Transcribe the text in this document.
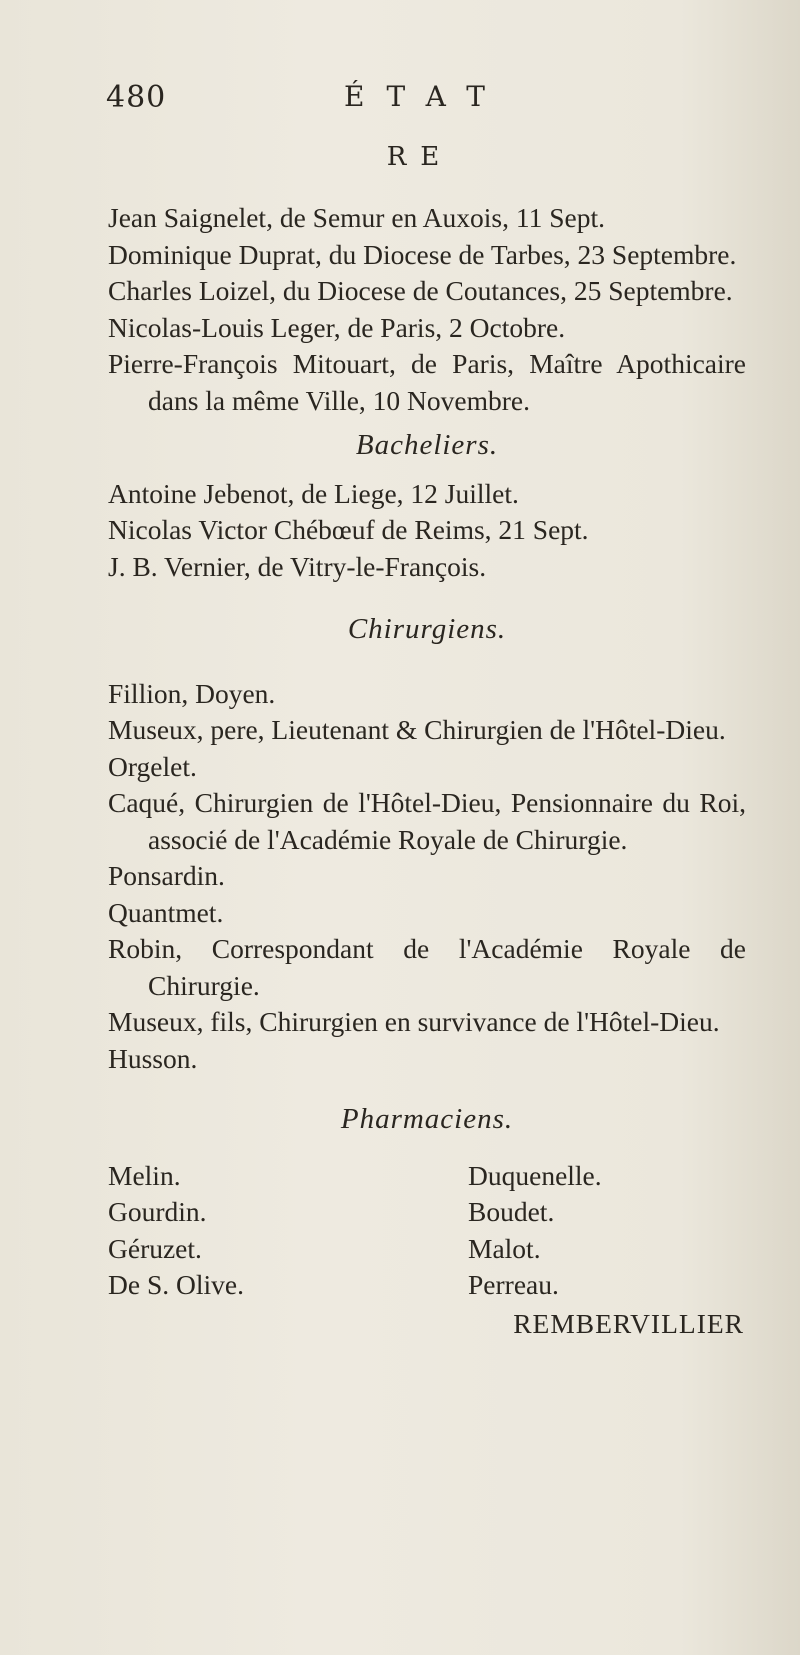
480	ÉTAT
RE

Jean Saignelet, de Semur en Auxois, 11 Sept.

Dominique Duprat, du Diocese de Tarbes, 23 Septembre.

Charles Loizel, du Diocese de Coutances, 25 Septembre.

Nicolas-Louis Leger, de Paris, 2 Octobre.

Pierre-François Mitouart, de Paris, Maître Apothicaire dans la même Ville, 10 Novembre.

Bacheliers.

Antoine Jebenot, de Liege, 12 Juillet.

Nicolas Victor Chébœuf de Reims, 21 Sept.

J. B. Vernier, de Vitry-le-François.

Chirurgiens.

Fillion, Doyen.

Museux, pere, Lieutenant & Chirurgien de l'Hôtel-Dieu.

Orgelet.

Caqué, Chirurgien de l'Hôtel-Dieu, Pensionnaire du Roi, associé de l'Académie Royale de Chirurgie.

Ponsardin.

Quantmet.

Robin, Correspondant de l'Académie Royale de Chirurgie.

Museux, fils, Chirurgien en survivance de l'Hôtel-Dieu.

Husson.

Pharmaciens.

Melin.	Duquenelle.
Gourdin.	Boudet.
Géruzet.	Malot.
De S. Olive.	Perreau.
REMBERVILLIER
